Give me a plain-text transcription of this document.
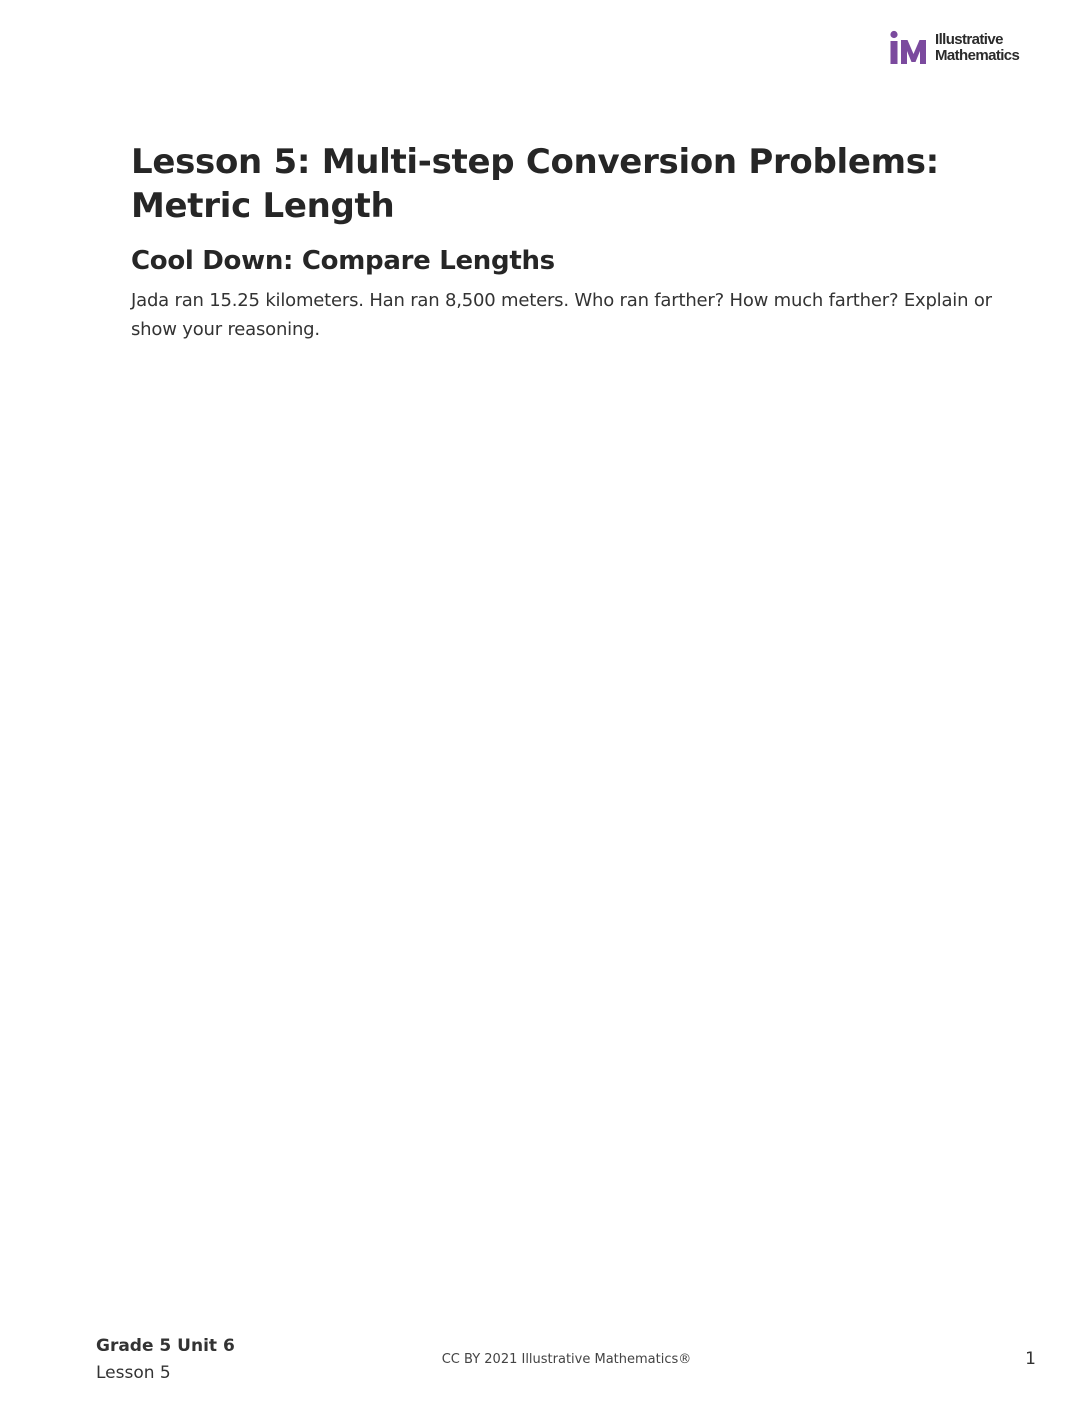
Illustrative
Mathematics
Lesson 5: Multi-step Conversion Problems: Metric Length
Cool Down: Compare Lengths

Jada ran 15.25 kilometers. Han ran 8,500 meters. Who ran farther? How much farther? Explain or show your reasoning.

Grade 5 Unit 6
Lesson 5
CC BY 2021 Illustrative Mathematics®	1
